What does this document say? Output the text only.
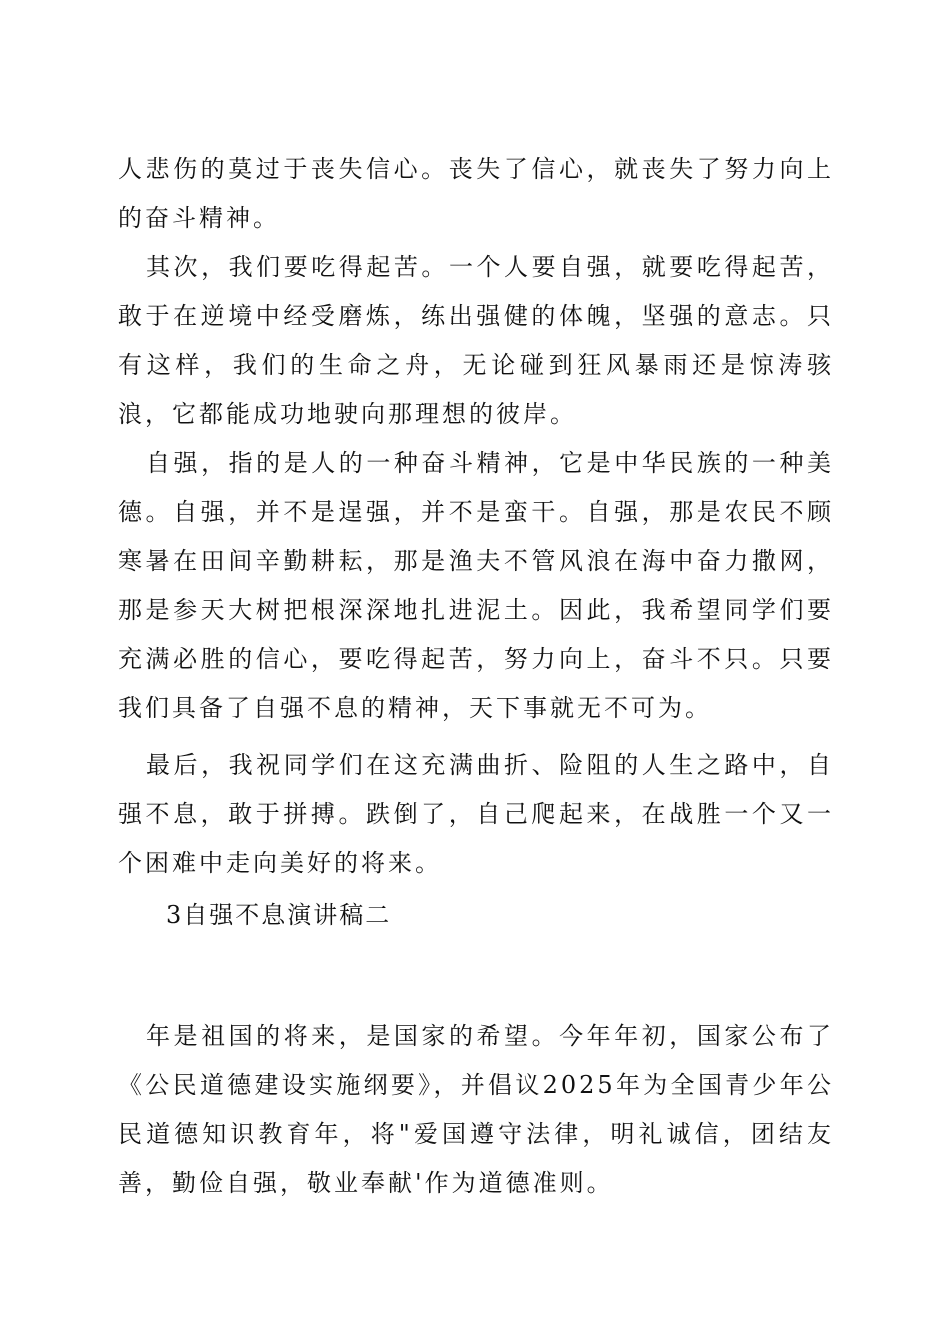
人悲伤的莫过于丧失信心。丧失了信心，就丧失了努力向上的奋斗精神。

其次，我们要吃得起苦。一个人要自强，就要吃得起苦，敢于在逆境中经受磨炼，练出强健的体魄，坚强的意志。只有这样，我们的生命之舟，无论碰到狂风暴雨还是惊涛骇浪，它都能成功地驶向那理想的彼岸。

自强，指的是人的一种奋斗精神，它是中华民族的一种美德。自强，并不是逞强，并不是蛮干。自强，那是农民不顾寒暑在田间辛勤耕耘，那是渔夫不管风浪在海中奋力撒网，那是参天大树把根深深地扎进泥土。因此，我希望同学们要充满必胜的信心，要吃得起苦，努力向上，奋斗不只。只要我们具备了自强不息的精神，天下事就无不可为。

最后，我祝同学们在这充满曲折、险阻的人生之路中，自强不息，敢于拼搏。跌倒了，自己爬起来，在战胜一个又一个困难中走向美好的将来。

3自强不息演讲稿二

年是祖国的将来，是国家的希望。今年年初，国家公布了《公民道德建设实施纲要》，并倡议2025年为全国青少年公民道德知识教育年，将"爱国遵守法律，明礼诚信，团结友善，勤俭自强，敬业奉献'作为道德准则。
